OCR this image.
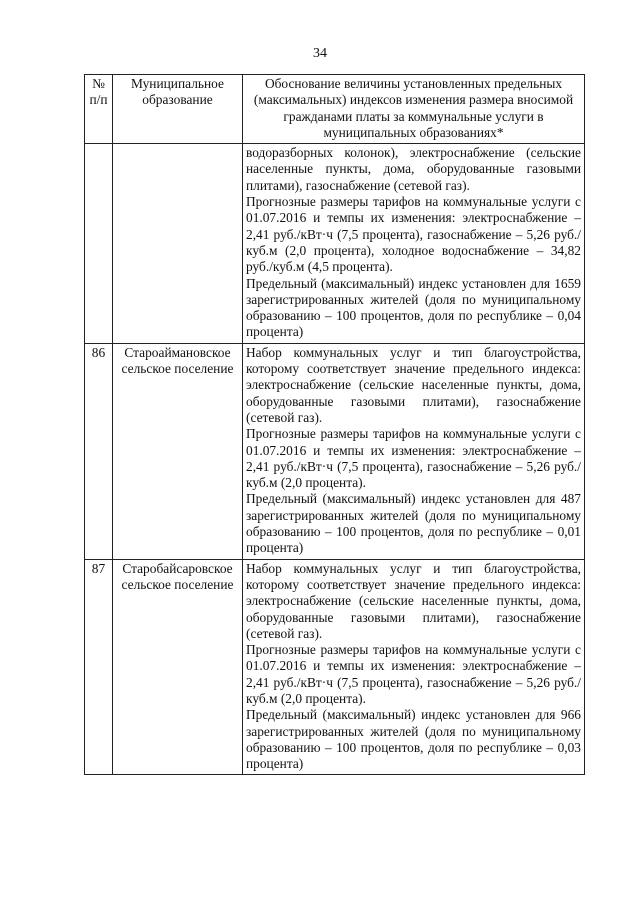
34
№ п/п	Муниципальное образование	Обоснование величины установленных предельных (максимальных) индексов изменения размера вносимой гражданами платы за коммунальные услуги в муниципальных образованиях*

		водоразборных колонок), электроснабжение (сельские населенные пункты, дома, оборудованные газовыми плитами), газоснабжение (сетевой газ).
Прогнозные размеры тарифов на коммунальные услуги с 01.07.2016 и темпы их изменения: электроснабжение – 2,41 руб./кВт·ч (7,5 процента), газоснабжение – 5,26 руб./куб.м (2,0 процента), холодное водоснабжение – 34,82 руб./куб.м (4,5 процента).
Предельный (максимальный) индекс установлен для 1659 зарегистрированных жителей (доля по муниципальному образованию – 100 процентов, доля по республике – 0,04 процента)

86	Староаймановское сельское поселение	Набор коммунальных услуг и тип благоустройства, которому соответствует значение предельного индекса: электроснабжение (сельские населенные пункты, дома, оборудованные газовыми плитами), газоснабжение (сетевой газ).
Прогнозные размеры тарифов на коммунальные услуги с 01.07.2016 и темпы их изменения: электроснабжение – 2,41 руб./кВт·ч (7,5 процента), газоснабжение – 5,26 руб./куб.м (2,0 процента).
Предельный (максимальный) индекс установлен для 487 зарегистрированных жителей (доля по муниципальному образованию – 100 процентов, доля по республике – 0,01 процента)

87	Старобайсаровское сельское поселение	Набор коммунальных услуг и тип благоустройства, которому соответствует значение предельного индекса: электроснабжение (сельские населенные пункты, дома, оборудованные газовыми плитами), газоснабжение (сетевой газ).
Прогнозные размеры тарифов на коммунальные услуги с 01.07.2016 и темпы их изменения: электроснабжение – 2,41 руб./кВт·ч (7,5 процента), газоснабжение – 5,26 руб./куб.м (2,0 процента).
Предельный (максимальный) индекс установлен для 966 зарегистрированных жителей (доля по муниципальному образованию – 100 процентов, доля по республике – 0,03 процента)
